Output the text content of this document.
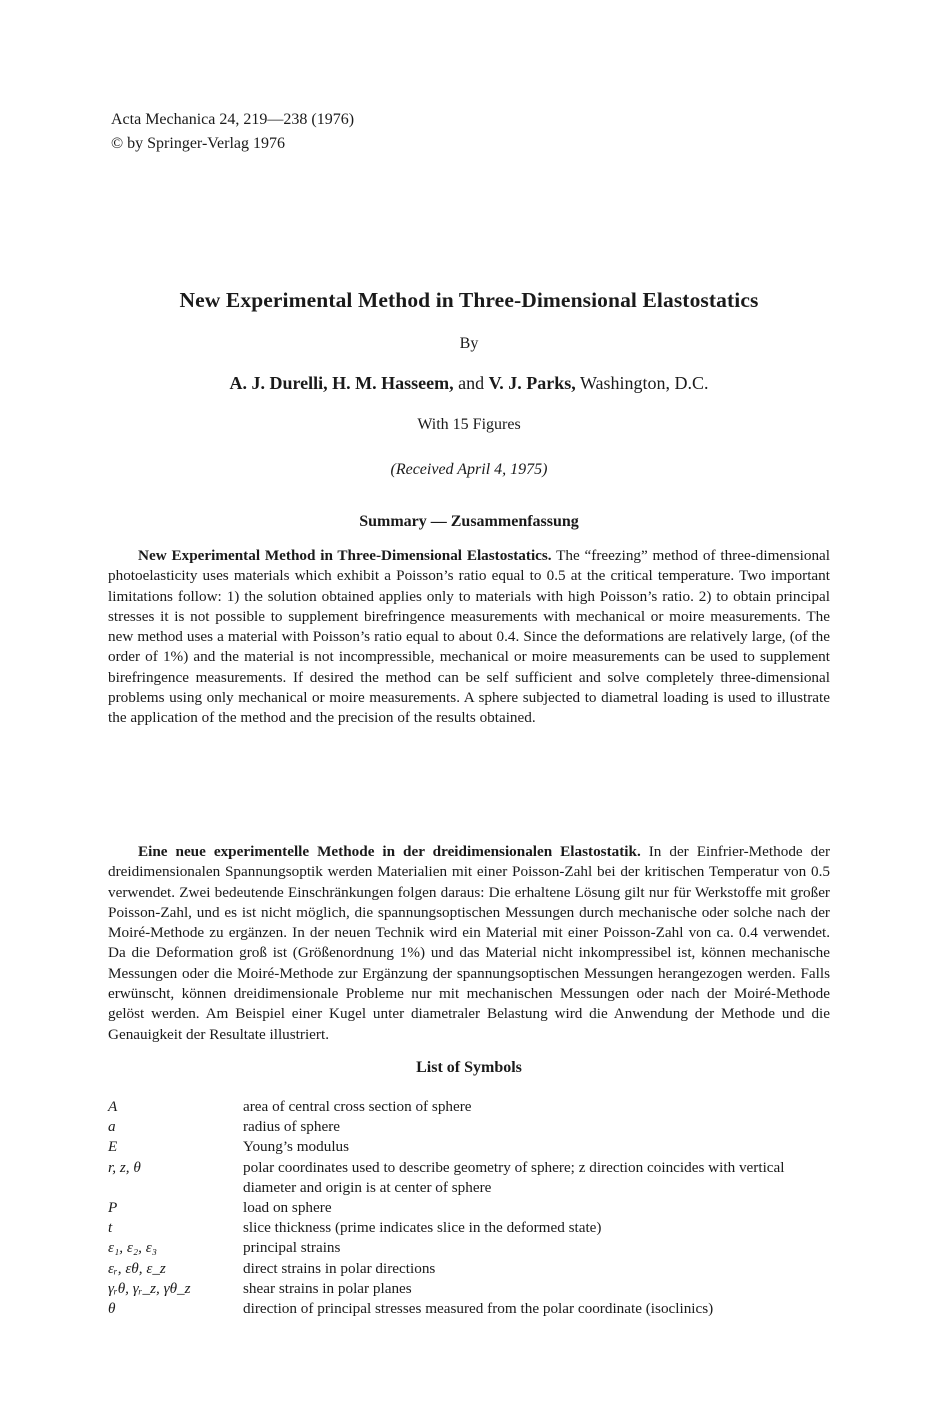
Acta Mechanica 24, 219—238 (1976)
© by Springer-Verlag 1976
New Experimental Method in Three-Dimensional Elastostatics
By
A. J. Durelli, H. M. Hasseem, and V. J. Parks, Washington, D.C.
With 15 Figures
(Received April 4, 1975)
Summary — Zusammenfassung
New Experimental Method in Three-Dimensional Elastostatics. The “freezing” method of three-dimensional photoelasticity uses materials which exhibit a Poisson’s ratio equal to 0.5 at the critical temperature. Two important limitations follow: 1) the solution obtained applies only to materials with high Poisson’s ratio. 2) to obtain principal stresses it is not possible to supplement birefringence measurements with mechanical or moire measurements. The new method uses a material with Poisson’s ratio equal to about 0.4. Since the deformations are relatively large, (of the order of 1%) and the material is not incompressible, mechanical or moire measurements can be used to supplement birefringence measurements. If desired the method can be self sufficient and solve completely three-dimensional problems using only mechanical or moire measurements. A sphere subjected to diametral loading is used to illustrate the application of the method and the precision of the results obtained.
Eine neue experimentelle Methode in der dreidimensionalen Elastostatik. In der Einfrier-Methode der dreidimensionalen Spannungsoptik werden Materialien mit einer Poisson-Zahl bei der kritischen Temperatur von 0.5 verwendet. Zwei bedeutende Einschränkungen folgen daraus: Die erhaltene Lösung gilt nur für Werkstoffe mit großer Poisson-Zahl, und es ist nicht möglich, die spannungsoptischen Messungen durch mechanische oder solche nach der Moiré-Methode zu ergänzen. In der neuen Technik wird ein Material mit einer Poisson-Zahl von ca. 0.4 verwendet. Da die Deformation groß ist (Größenordnung 1%) und das Material nicht inkompressibel ist, können mechanische Messungen oder die Moiré-Methode zur Ergänzung der spannungsoptischen Messungen herangezogen werden. Falls erwünscht, können dreidimensionale Probleme nur mit mechanischen Messungen oder nach der Moiré-Methode gelöst werden. Am Beispiel einer Kugel unter diametraler Belastung wird die Anwendung der Methode und die Genauigkeit der Resultate illustriert.
List of Symbols
A	area of central cross section of sphere
a	radius of sphere
E	Young’s modulus
r, z, θ	polar coordinates used to describe geometry of sphere; z direction coincides with vertical diameter and origin is at center of sphere
P	load on sphere
t	slice thickness (prime indicates slice in the deformed state)
ε₁, ε₂, ε₃	principal strains
εᵣ, εθ, ε_z	direct strains in polar directions
γᵣθ, γᵣ_z, γθ_z	shear strains in polar planes
θ	direction of principal stresses measured from the polar coordinate (isoclinics)
